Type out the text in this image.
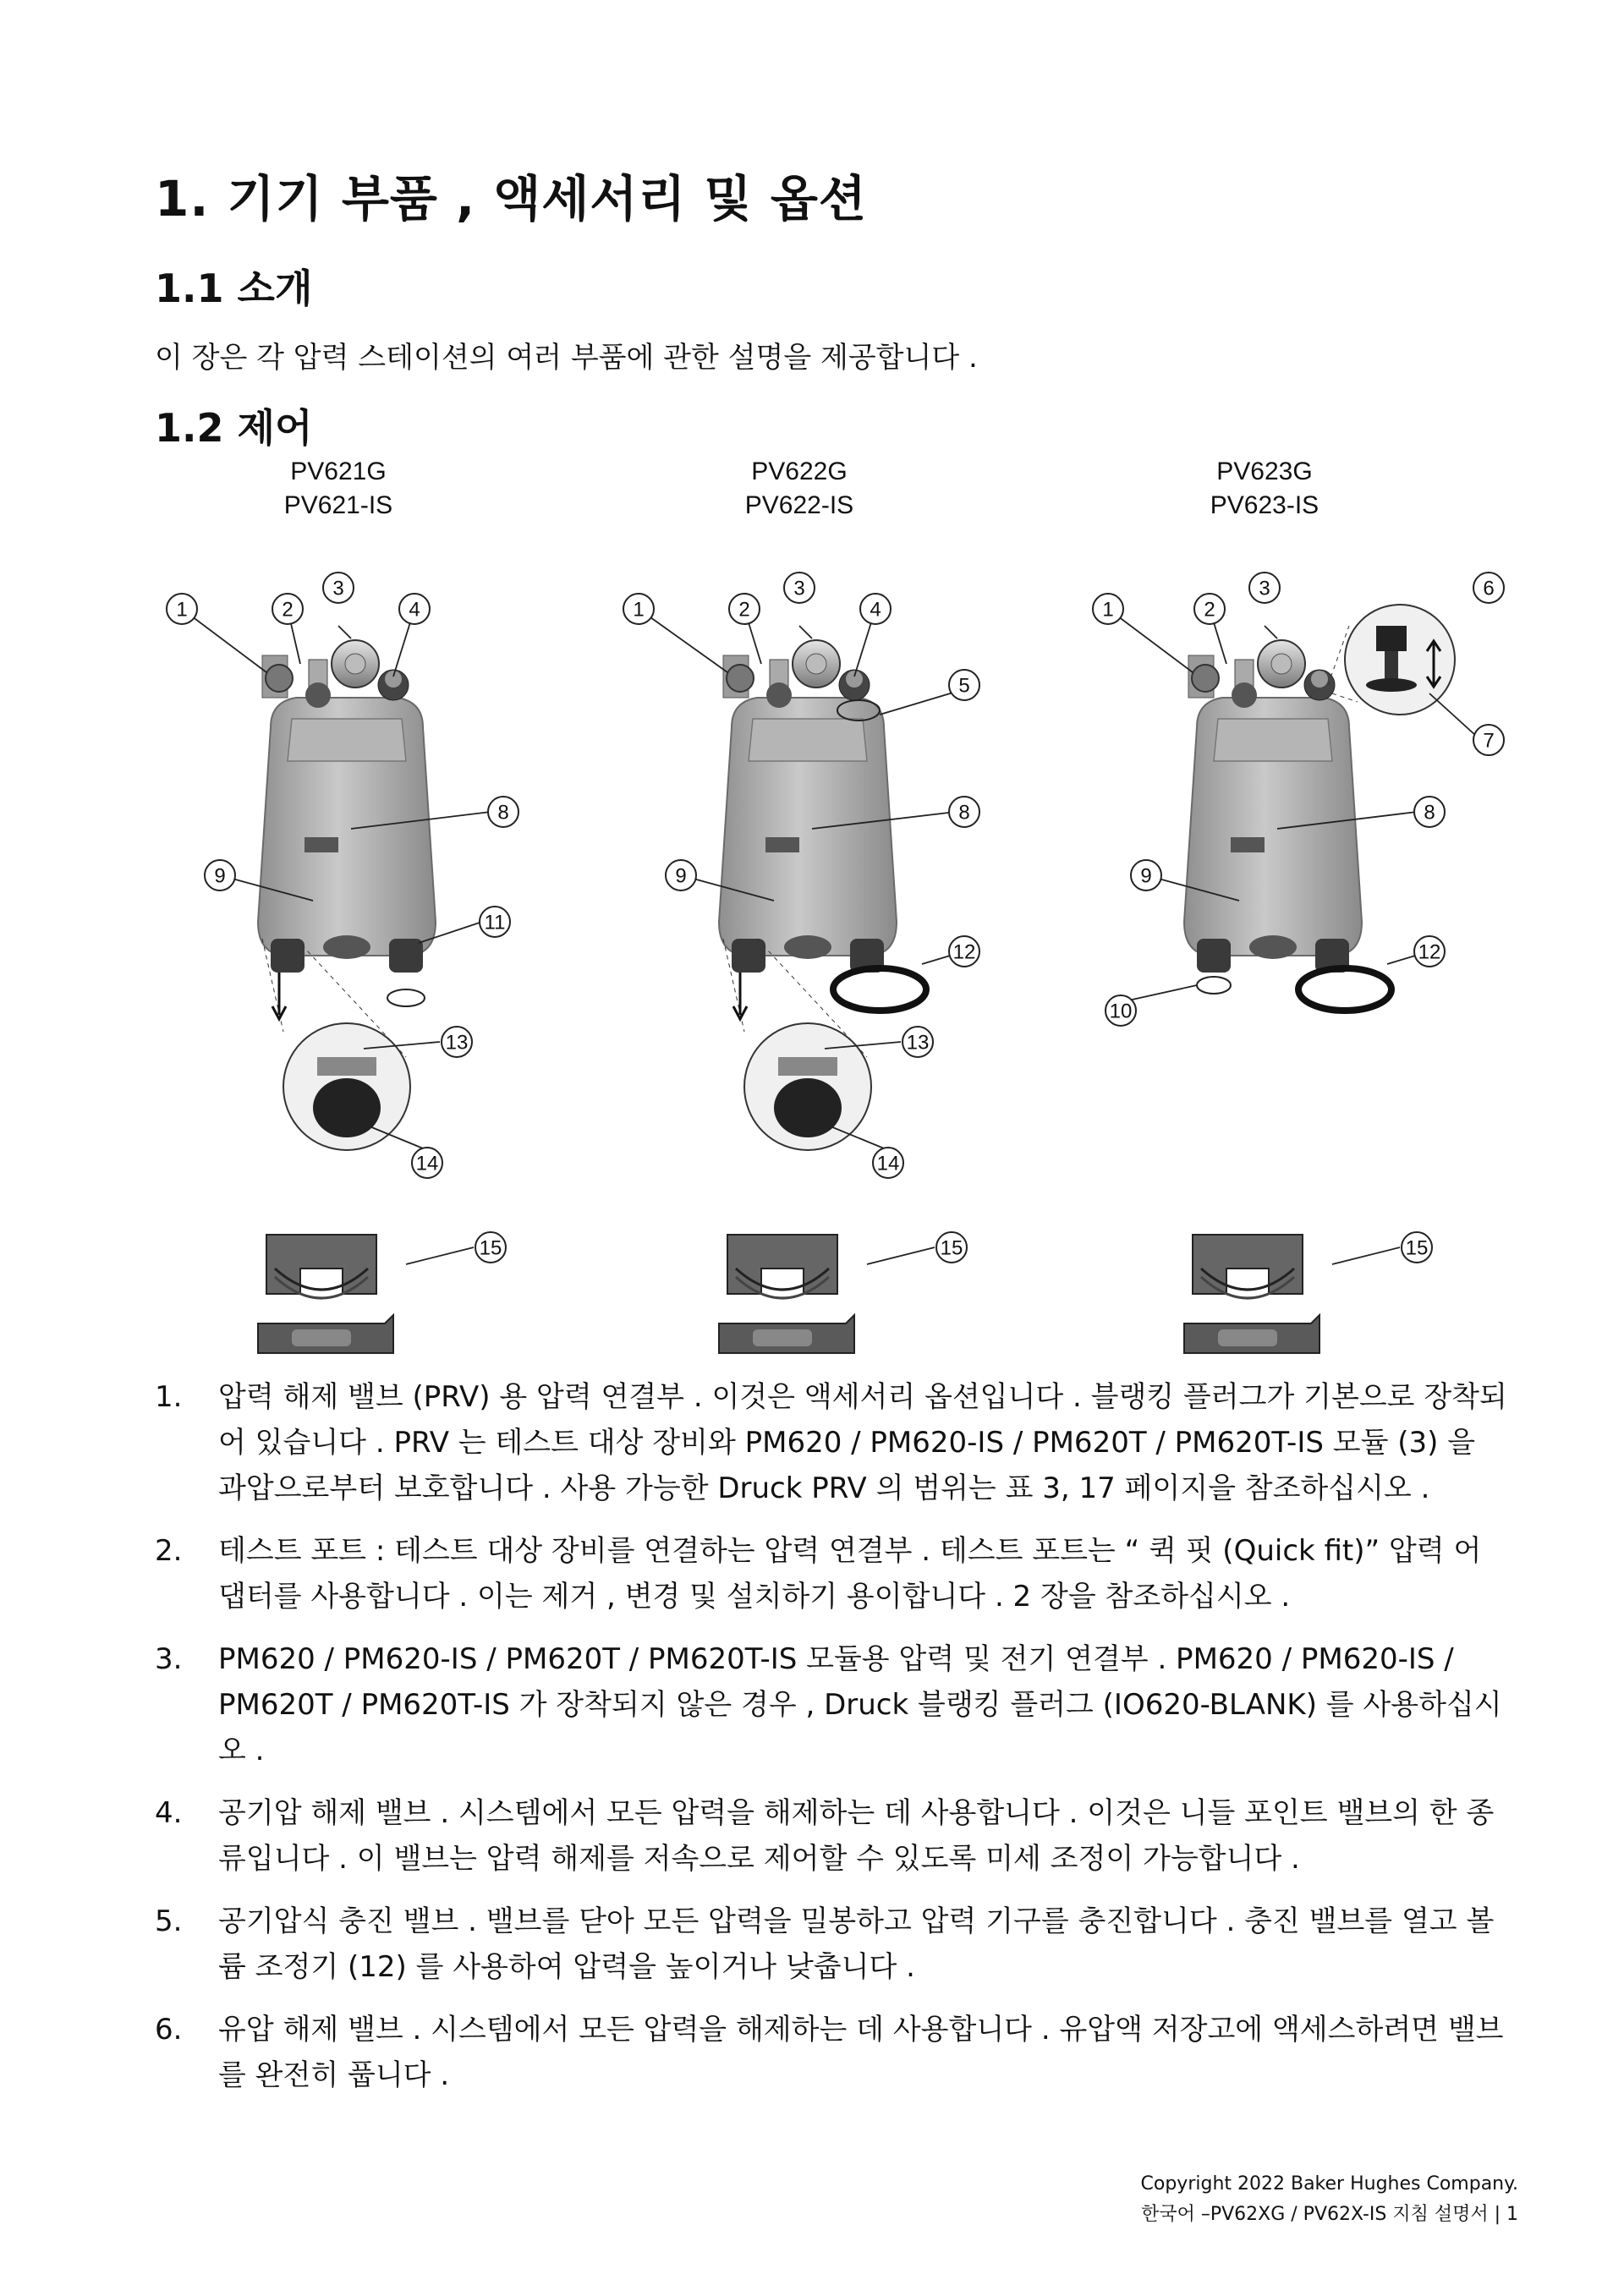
1. 기기 부품 , 액세서리 및 옵션
1.1 소개

이 장은 각 압력 스테이션의 여러 부품에 관한 설명을 제공합니다 .

1.2 제어
PV621G
PV621-IS
PV622G
PV622-IS
PV623G
PV623-IS
1	2
3
4
8
9
11
13
14
15
1	2
3
4
5
8
9
12
13
14
15
1	2
3	6
7
8
9
10
12
15
1. 압력 해제 밸브 (PRV) 용 압력 연결부 . 이것은 액세서리 옵션입니다 . 블랭킹 플러그가 기본으로 장착되어 있습니다 . PRV 는 테스트 대상 장비와 PM620 / PM620-IS / PM620T / PM620T-IS 모듈 (3) 을 과압으로부터 보호합니다 . 사용 가능한 Druck PRV 의 범위는 표 3, 17 페이지을 참조하십시오 .
2. 테스트 포트 : 테스트 대상 장비를 연결하는 압력 연결부 . 테스트 포트는 “ 퀵 핏 (Quick fit)” 압력 어댑터를 사용합니다 . 이는 제거 , 변경 및 설치하기 용이합니다 . 2 장을 참조하십시오 .
3. PM620 / PM620-IS / PM620T / PM620T-IS 모듈용 압력 및 전기 연결부 . PM620 / PM620-IS / PM620T / PM620T-IS 가 장착되지 않은 경우 , Druck 블랭킹 플러그 (IO620-BLANK) 를 사용하십시오 .
4. 공기압 해제 밸브 . 시스템에서 모든 압력을 해제하는 데 사용합니다 . 이것은 니들 포인트 밸브의 한 종류입니다 . 이 밸브는 압력 해제를 저속으로 제어할 수 있도록 미세 조정이 가능합니다 .
5. 공기압식 충진 밸브 . 밸브를 닫아 모든 압력을 밀봉하고 압력 기구를 충진합니다 . 충진 밸브를 열고 볼륨 조정기 (12) 를 사용하여 압력을 높이거나 낮춥니다 .
6. 유압 해제 밸브 . 시스템에서 모든 압력을 해제하는 데 사용합니다 . 유압액 저장고에 액세스하려면 밸브를 완전히 풉니다 .
Copyright 2022 Baker Hughes Company.
한국어 –PV62XG / PV62X-IS 지침 설명서 | 1
